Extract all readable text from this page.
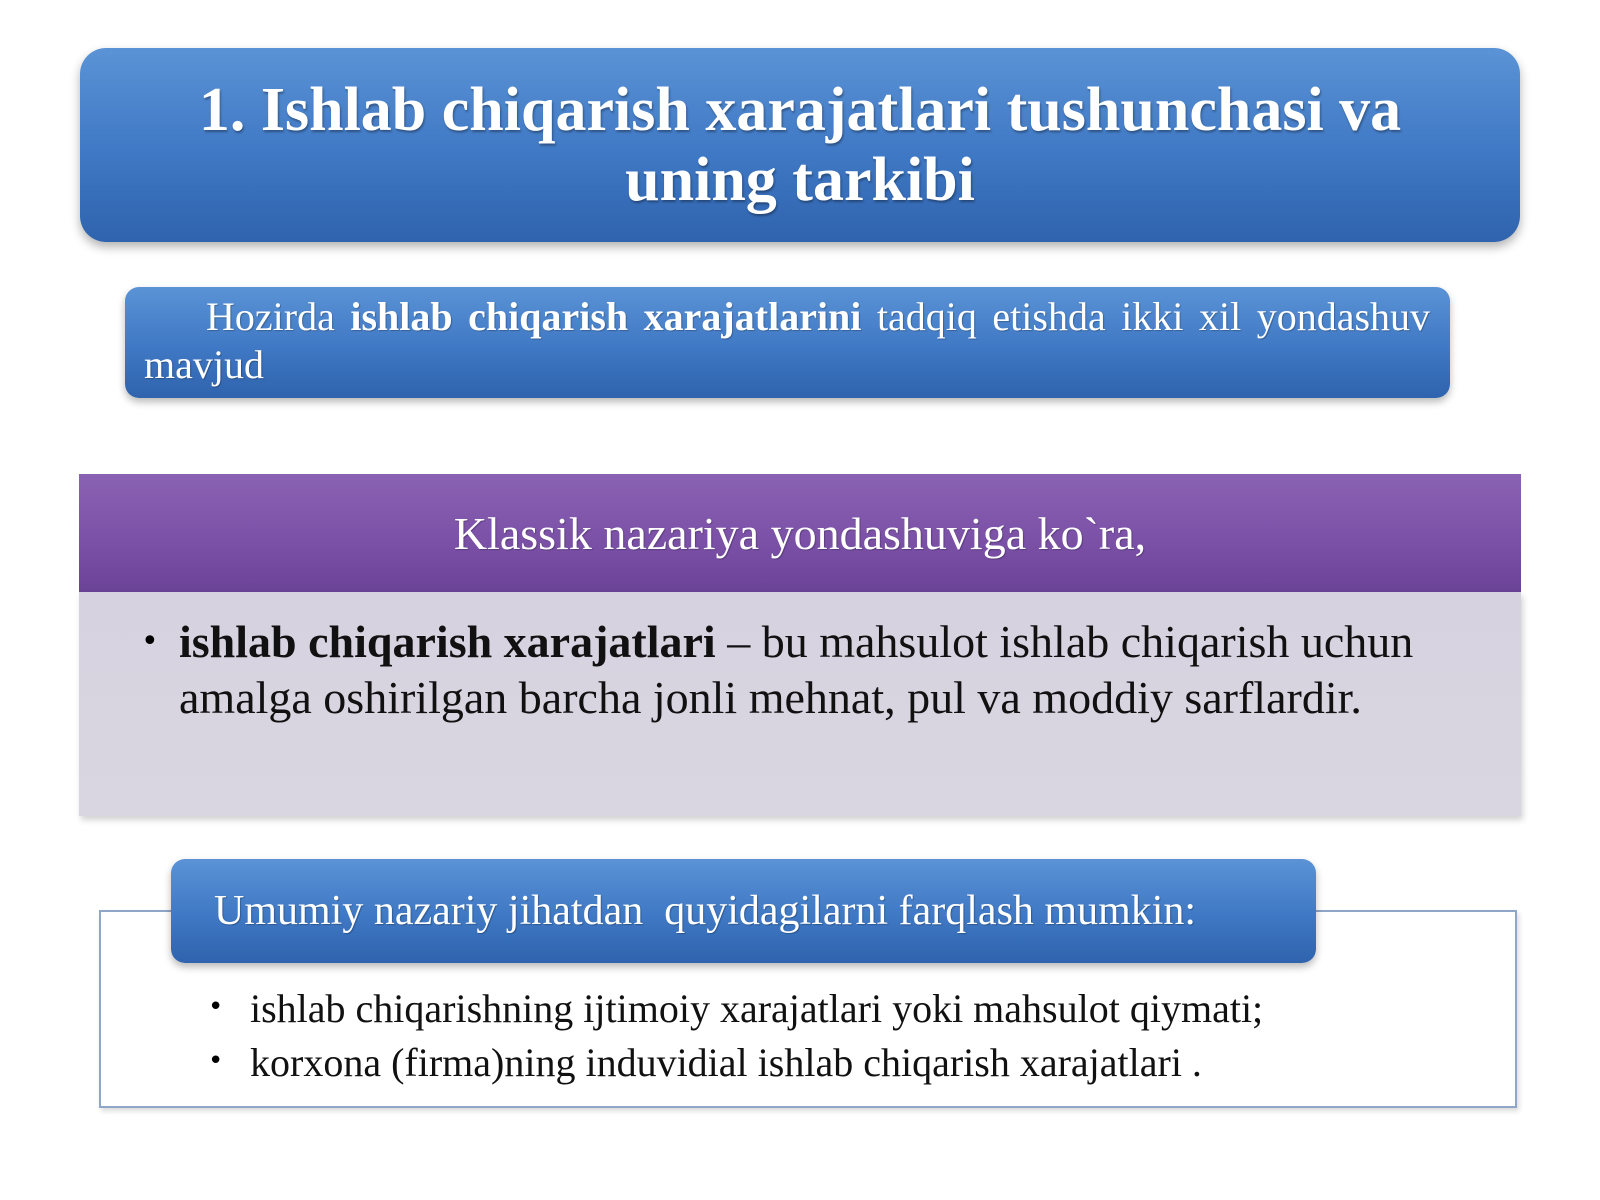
1. Ishlab chiqarish xarajatlari tushunchasi va
uning tarkibi
Hozirda ishlab chiqarish xarajatlarini tadqiq etishda ikki xil yondashuv mavjud
Klassik nazariya yondashuviga ko`ra,
• ishlab chiqarish xarajatlari – bu mahsulot ishlab chiqarish uchun amalga oshirilgan barcha jonli mehnat, pul va moddiy sarflardir.
Umumiy nazariy jihatdan  quyidagilarni farqlash mumkin:
• ishlab chiqarishning ijtimoiy xarajatlari yoki mahsulot qiymati;
• korxona (firma)ning induvidial ishlab chiqarish xarajatlari .
